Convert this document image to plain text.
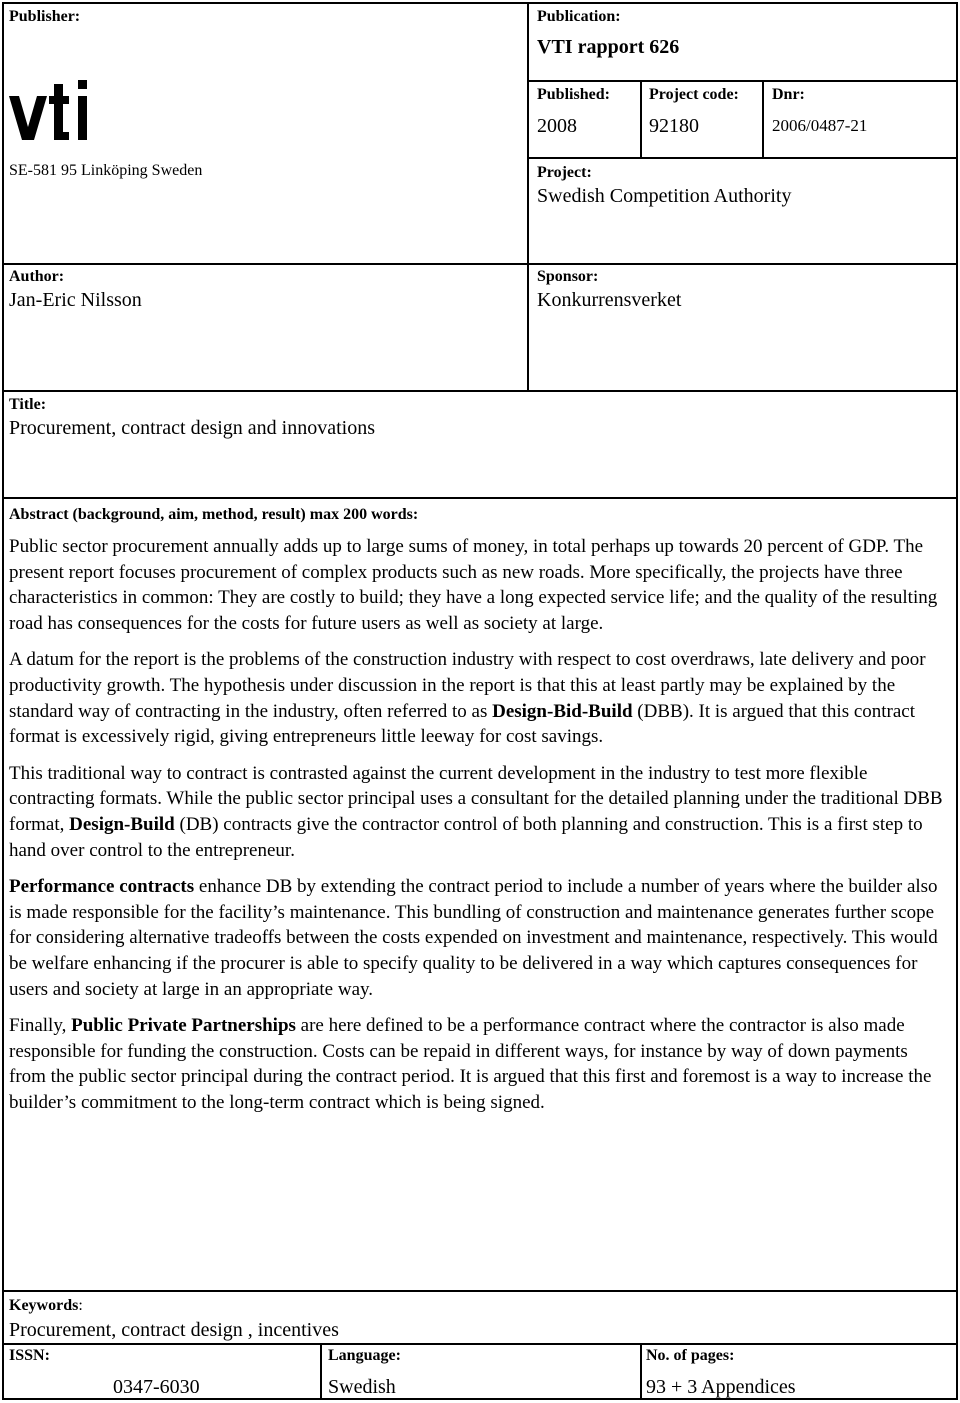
Publisher:
SE-581 95 Linköping Sweden
Publication:
VTI rapport 626
Published:
2008
Project code:
92180
Dnr:
2006/0487-21
Project:
Swedish Competition Authority
Author:
Jan-Eric Nilsson
Sponsor:
Konkurrensverket
Title:
Procurement, contract design and innovations
Abstract (background, aim, method, result) max 200 words:

Public sector procurement annually adds up to large sums of money, in total perhaps up towards 20 percent of GDP. The present report focuses procurement of complex products such as new roads. More specifically, the projects have three characteristics in common: They are costly to build; they have a long expected service life; and the quality of the resulting road has consequences for the costs for future users as well as society at large.

A datum for the report is the problems of the construction industry with respect to cost overdraws, late delivery and poor productivity growth. The hypothesis under discussion in the report is that this at least partly may be explained by the standard way of contracting in the industry, often referred to as Design-Bid-Build (DBB). It is argued that this contract format is excessively rigid, giving entrepreneurs little leeway for cost savings.

This traditional way to contract is contrasted against the current development in the industry to test more flexible contracting formats. While the public sector principal uses a consultant for the detailed planning under the traditional DBB format, Design-Build (DB) contracts give the contractor control of both planning and construction. This is a first step to hand over control to the entrepreneur.

Performance contracts enhance DB by extending the contract period to include a number of years where the builder also is made responsible for the facility’s maintenance. This bundling of construction and maintenance generates further scope for considering alternative tradeoffs between the costs expended on investment and maintenance, respectively. This would be welfare enhancing if the procurer is able to specify quality to be delivered in a way which captures consequences for users and society at large in an appropriate way.

Finally, Public Private Partnerships are here defined to be a performance contract where the contractor is also made responsible for funding the construction. Costs can be repaid in different ways, for instance by way of down payments from the public sector principal during the contract period. It is argued that this first and foremost is a way to increase the builder’s commitment to the long-term contract which is being signed.

Keywords:
Procurement, contract design , incentives
ISSN:
0347-6030
Language:
Swedish
No. of pages:
93 + 3 Appendices
